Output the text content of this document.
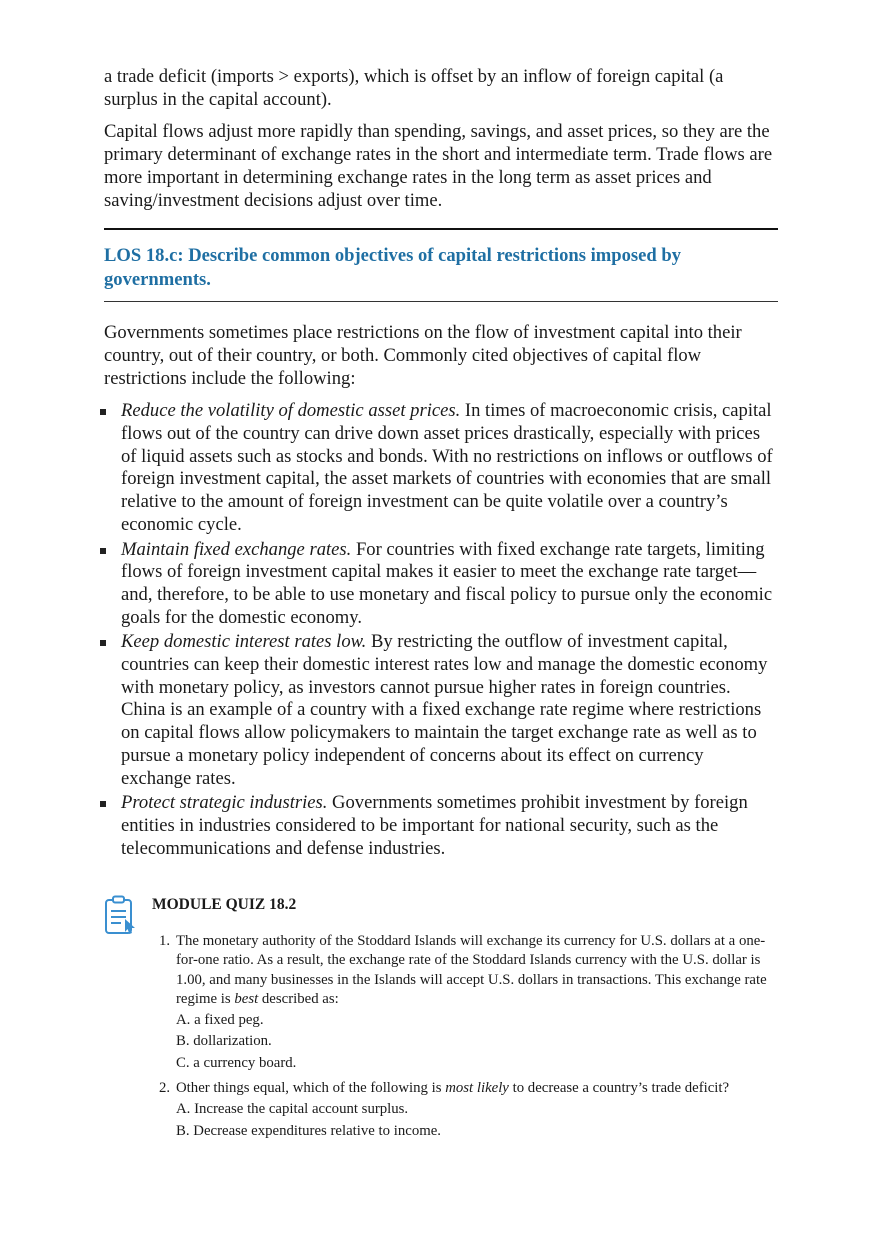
a trade deficit (imports > exports), which is offset by an inflow of foreign capital (a surplus in the capital account).

Capital flows adjust more rapidly than spending, savings, and asset prices, so they are the primary determinant of exchange rates in the short and intermediate term. Trade flows are more important in determining exchange rates in the long term as asset prices and saving/investment decisions adjust over time.

LOS 18.c: Describe common objectives of capital restrictions imposed by governments.

Governments sometimes place restrictions on the flow of investment capital into their country, out of their country, or both. Commonly cited objectives of capital flow restrictions include the following:

Reduce the volatility of domestic asset prices. In times of macroeconomic crisis, capital flows out of the country can drive down asset prices drastically, especially with prices of liquid assets such as stocks and bonds. With no restrictions on inflows or outflows of foreign investment capital, the asset markets of countries with economies that are small relative to the amount of foreign investment can be quite volatile over a country’s economic cycle.
Maintain fixed exchange rates. For countries with fixed exchange rate targets, limiting flows of foreign investment capital makes it easier to meet the exchange rate target—and, therefore, to be able to use monetary and fiscal policy to pursue only the economic goals for the domestic economy.
Keep domestic interest rates low. By restricting the outflow of investment capital, countries can keep their domestic interest rates low and manage the domestic economy with monetary policy, as investors cannot pursue higher rates in foreign countries. China is an example of a country with a fixed exchange rate regime where restrictions on capital flows allow policymakers to maintain the target exchange rate as well as to pursue a monetary policy independent of concerns about its effect on currency exchange rates.
Protect strategic industries. Governments sometimes prohibit investment by foreign entities in industries considered to be important for national security, such as the telecommunications and defense industries.
MODULE QUIZ 18.2
1. The monetary authority of the Stoddard Islands will exchange its currency for U.S. dollars at a one-for-one ratio. As a result, the exchange rate of the Stoddard Islands currency with the U.S. dollar is 1.00, and many businesses in the Islands will accept U.S. dollars in transactions. This exchange rate regime is best described as:
A. a fixed peg.
B. dollarization.
C. a currency board.
2. Other things equal, which of the following is most likely to decrease a country’s trade deficit?
A. Increase the capital account surplus.
B. Decrease expenditures relative to income.
